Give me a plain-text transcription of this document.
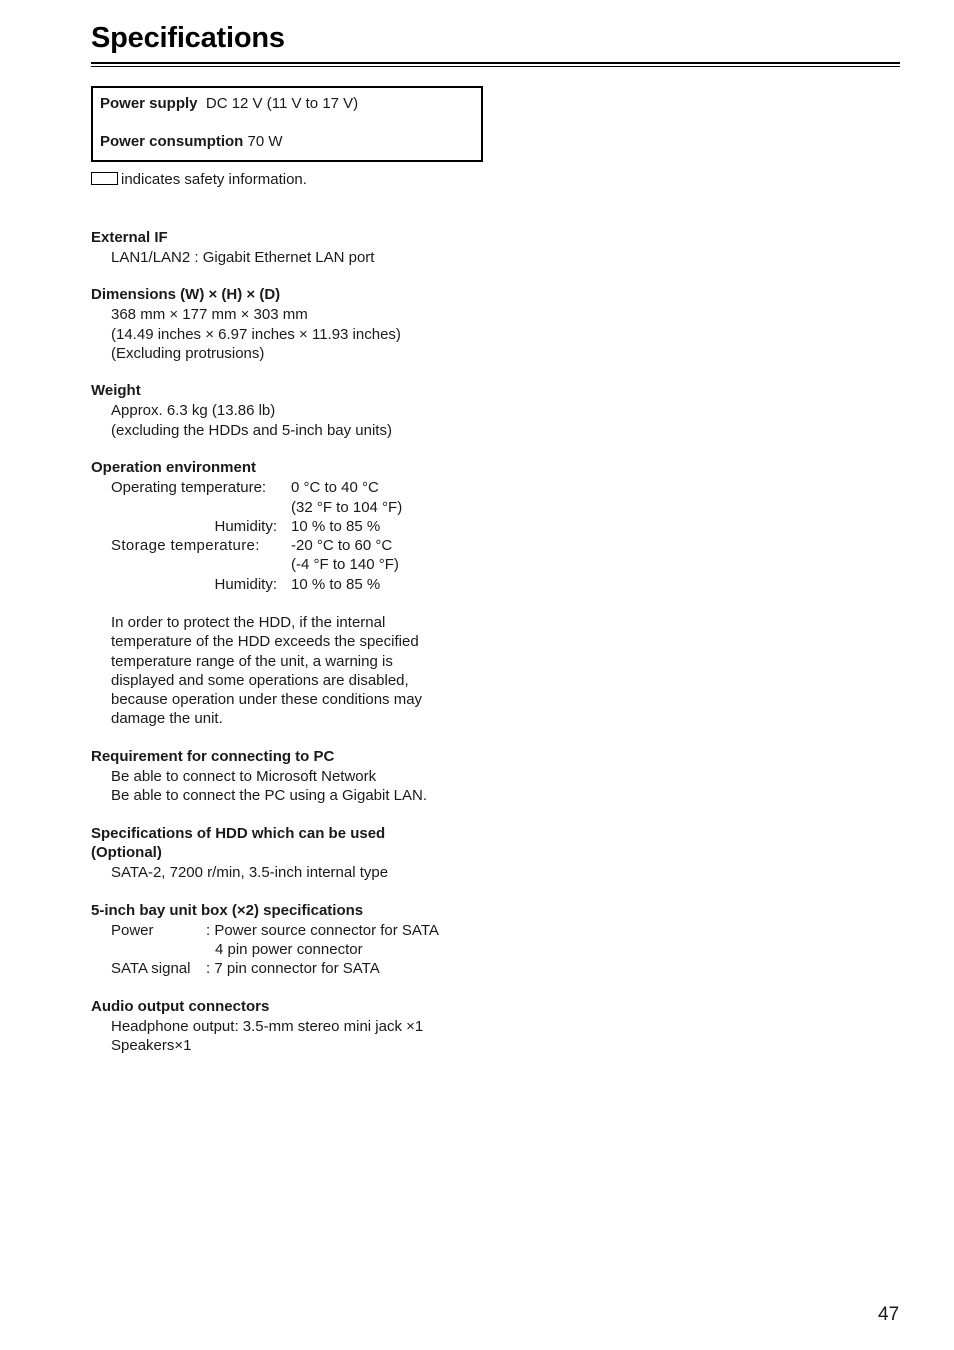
Specifications
Power supply DC 12 V (11 V to 17 V)
Power consumption 70 W
indicates safety information.
External IF
LAN1/LAN2 : Gigabit Ethernet LAN port
Dimensions (W) × (H) × (D)
368 mm × 177 mm × 303 mm
(14.49 inches × 6.97 inches × 11.93 inches)
(Excluding protrusions)
Weight
Approx. 6.3 kg (13.86 lb)
(excluding the HDDs and 5-inch bay units)
Operation environment
Operating temperature: 0 °C to 40 °C
(32 °F to 104 °F)
Humidity: 10 % to 85 %
Storage temperature: -20 °C to 60 °C
(-4 °F to 140 °F)
Humidity: 10 % to 85 %
In order to protect the HDD, if the internal
temperature of the HDD exceeds the specified
temperature range of the unit, a warning is
displayed and some operations are disabled,
because operation under these conditions may
damage the unit.
Requirement for connecting to PC
Be able to connect to Microsoft Network
Be able to connect the PC using a Gigabit LAN.
Specifications of HDD which can be used
(Optional)
SATA-2, 7200 r/min, 3.5-inch internal type
5-inch bay unit box (×2) specifications
Power	: Power source connector for SATA
4 pin power connector
SATA signal : 7 pin connector for SATA
Audio output connectors
Headphone output: 3.5-mm stereo mini jack ×1
Speakers×1
47
